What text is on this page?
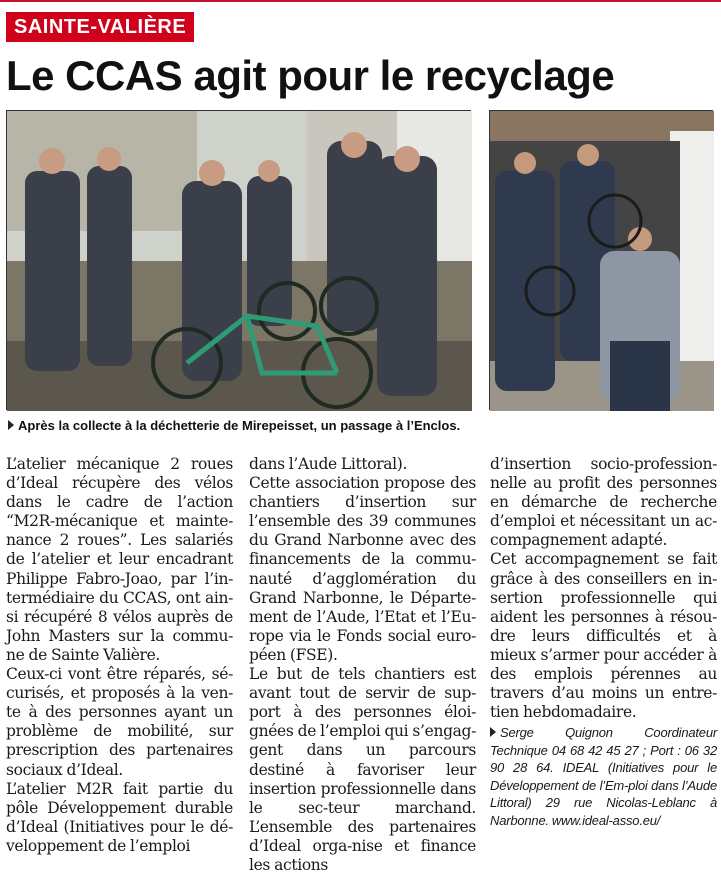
SAINTE-VALIÈRE
Le CCAS agit pour le recyclage
Après la collecte à la déchetterie de Mirepeisset, un passage à l’Enclos.

L’atelier mécanique 2 roues d’Ideal récupère des vélos dans le cadre de l’action “M2R-mécanique et mainte-nance 2 roues”. Les salariés de l’atelier et leur encadrant Philippe Fabro-Joao, par l’in-termédiaire du CCAS, ont ain-si récupéré 8 vélos auprès de John Masters sur la commu-ne de Sainte Valière.

Ceux-ci vont être réparés, sé-curisés, et proposés à la ven-te à des personnes ayant un problème de mobilité, sur prescription des partenaires sociaux d’Ideal.

L’atelier M2R fait partie du pôle Développement durable d’Ideal (Initiatives pour le dé-veloppement de l’emploi

dans l’Aude Littoral).

Cette association propose des chantiers d’insertion sur l’ensemble des 39 communes du Grand Narbonne avec des financements de la commu-nauté d’agglomération du Grand Narbonne, le Départe-ment de l’Aude, l’Etat et l’Eu-rope via le Fonds social euro-péen (FSE).

Le but de tels chantiers est avant tout de servir de sup-port à des personnes éloi-gnées de l’emploi qui s’engag-gent dans un parcours destiné à favoriser leur insertion professionnelle dans le sec-teur marchand. L’ensemble des partenaires d’Ideal orga-nise et finance les actions

d’insertion socio-profession-nelle au profit des personnes en démarche de recherche d’emploi et nécessitant un ac-compagnement adapté.

Cet accompagnement se fait grâce à des conseillers en in-sertion professionnelle qui aident les personnes à résou-dre leurs difficultés et à mieux s’armer pour accéder à des emplois pérennes au travers d’au moins un entre-tien hebdomadaire.

Serge Quignon Coordinateur Technique 04 68 42 45 27 ; Port : 06 32 90 28 64. IDEAL (Initiatives pour le Développement de l’Em-ploi dans l’Aude Littoral) 29 rue Nicolas-Leblanc à Narbonne. www.ideal-asso.eu/
